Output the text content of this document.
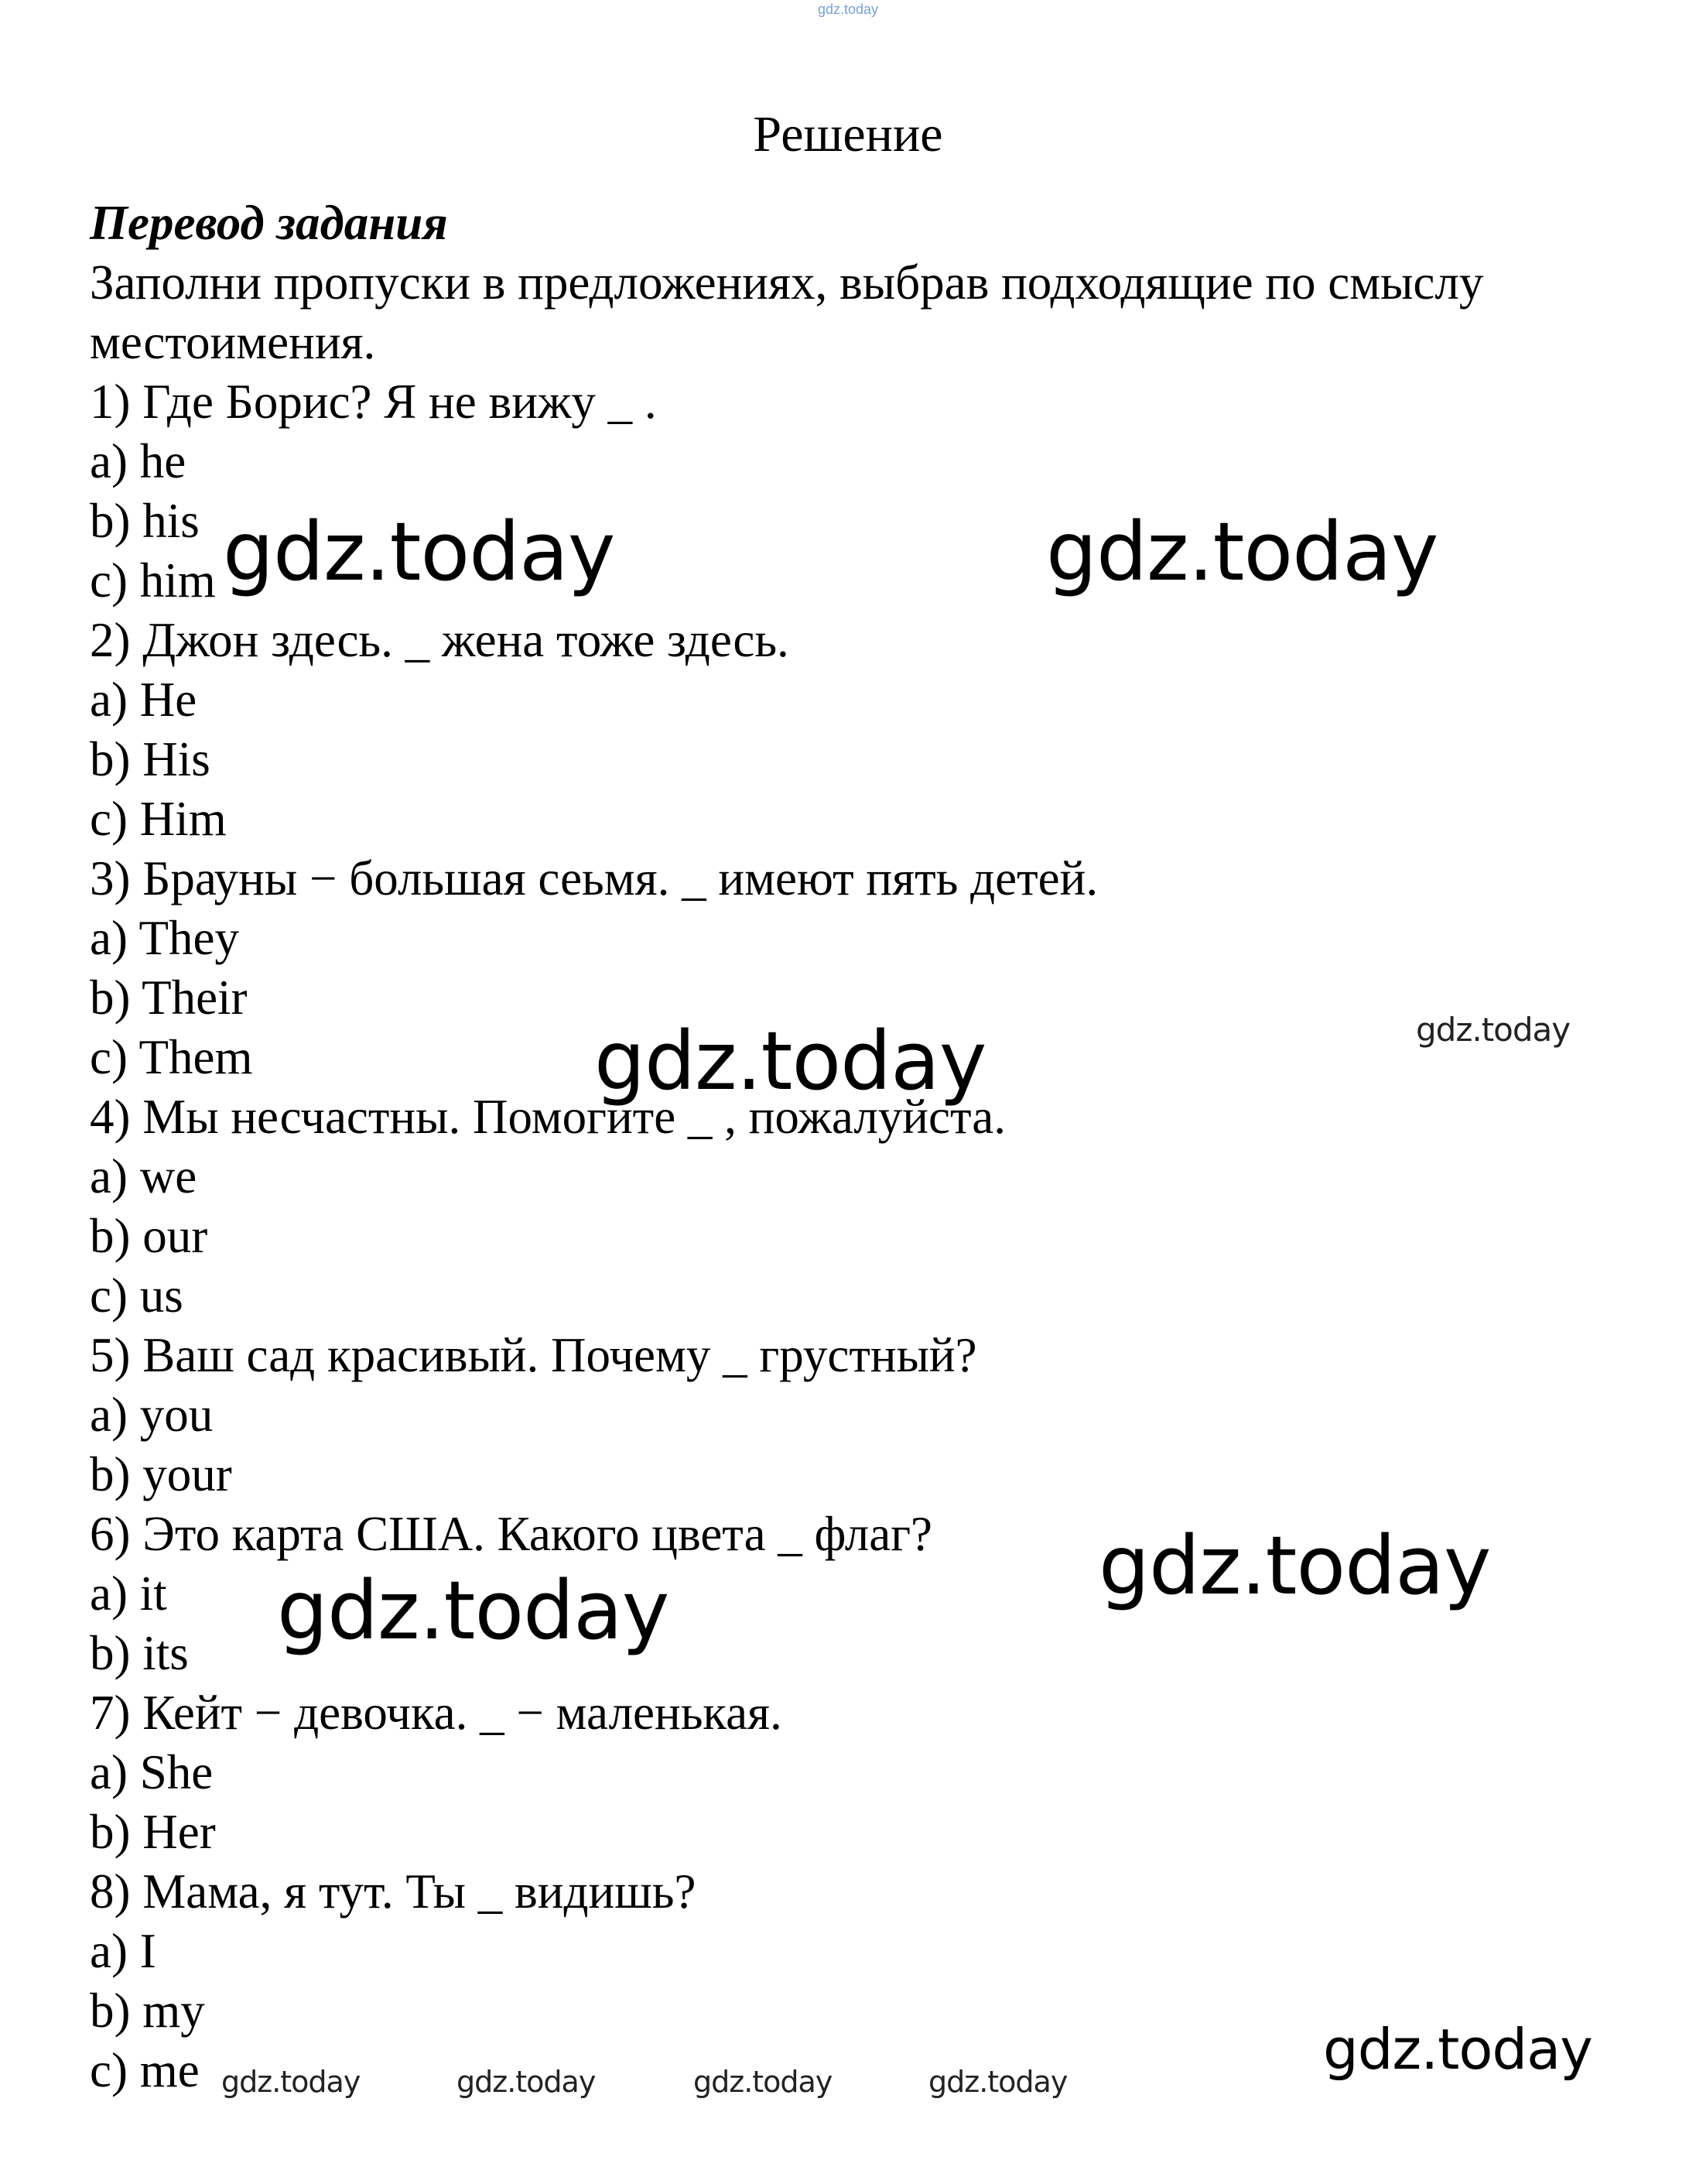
gdz.today
Решение

Перевод задания

Заполни пропуски в предложениях, выбрав подходящие по смыслу местоимения.

1) Где Борис? Я не вижу _ .
a) he
b) his
c) him
2) Джон здесь. _ жена тоже здесь.
a) He
b) His
c) Him
3) Брауны − большая сеьмя. _ имеют пять детей.
a) They
b) Their
c) Them
4) Мы несчастны. Помогите _ , пожалуйста.
a) we
b) our
c) us
5) Ваш сад красивый. Почему _ грустный?
a) you
b) your
6) Это карта США. Какого цвета _ флаг?
a) it
b) its
7) Кейт − девочка. _ − маленькая.
a) She
b) Her
8) Мама, я тут. Ты _ видишь?
a) I
b) my
c) me
gdz.today	gdz.today
gdz.today	gdz.today
gdz.today
gdz.today
gdz.today
gdz.today	gdz.today	gdz.today	gdz.today
